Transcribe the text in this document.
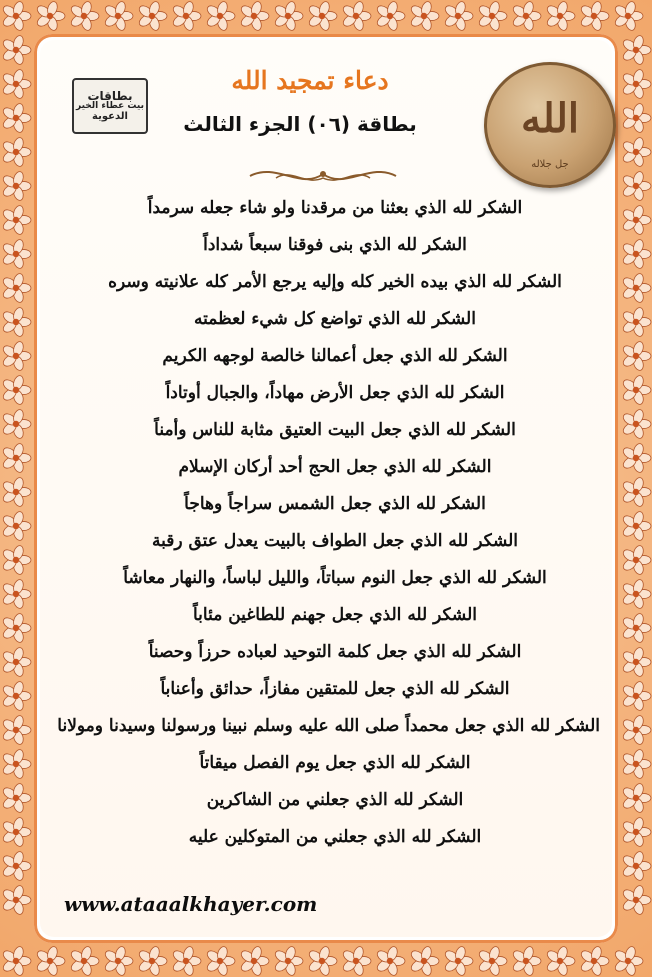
بطاقات
بيت عطاء الخير
الدعوية
دعاء تمجيد الله
بطاقة (٠٦) الجزء الثالث	الله
جل جلاله
الشكر لله الذي بعثنا من مرقدنا ولو شاء جعله سرمداً
الشكر لله الذي بنى فوقنا سبعاً شداداً
الشكر لله الذي بيده الخير كله وإليه يرجع الأمر كله علانيته وسره
الشكر لله الذي تواضع كل شيء لعظمته
الشكر لله الذي جعل أعمالنا خالصة لوجهه الكريم
الشكر لله الذي جعل الأرض مهاداً، والجبال أوتاداً
الشكر لله الذي جعل البيت العتيق مثابة للناس وأمناً
الشكر لله الذي جعل الحج أحد أركان الإسلام
الشكر لله الذي جعل الشمس سراجاً وهاجاً
الشكر لله الذي جعل الطواف بالبيت يعدل عتق رقبة
الشكر لله الذي جعل النوم سباتاً، والليل لباساً، والنهار معاشاً
الشكر لله الذي جعل جهنم للطاغين مئاباً
الشكر لله الذي جعل كلمة التوحيد لعباده حرزاً وحصناً
الشكر لله الذي جعل للمتقين مفازاً، حدائق وأعناباً
الشكر لله الذي جعل محمداً صلى الله عليه وسلم نبينا ورسولنا وسيدنا ومولانا
الشكر لله الذي جعل يوم الفصل ميقاتاً
الشكر لله الذي جعلني من الشاكرين
الشكر لله الذي جعلني من المتوكلين عليه
www.ataaalkhayer.com
